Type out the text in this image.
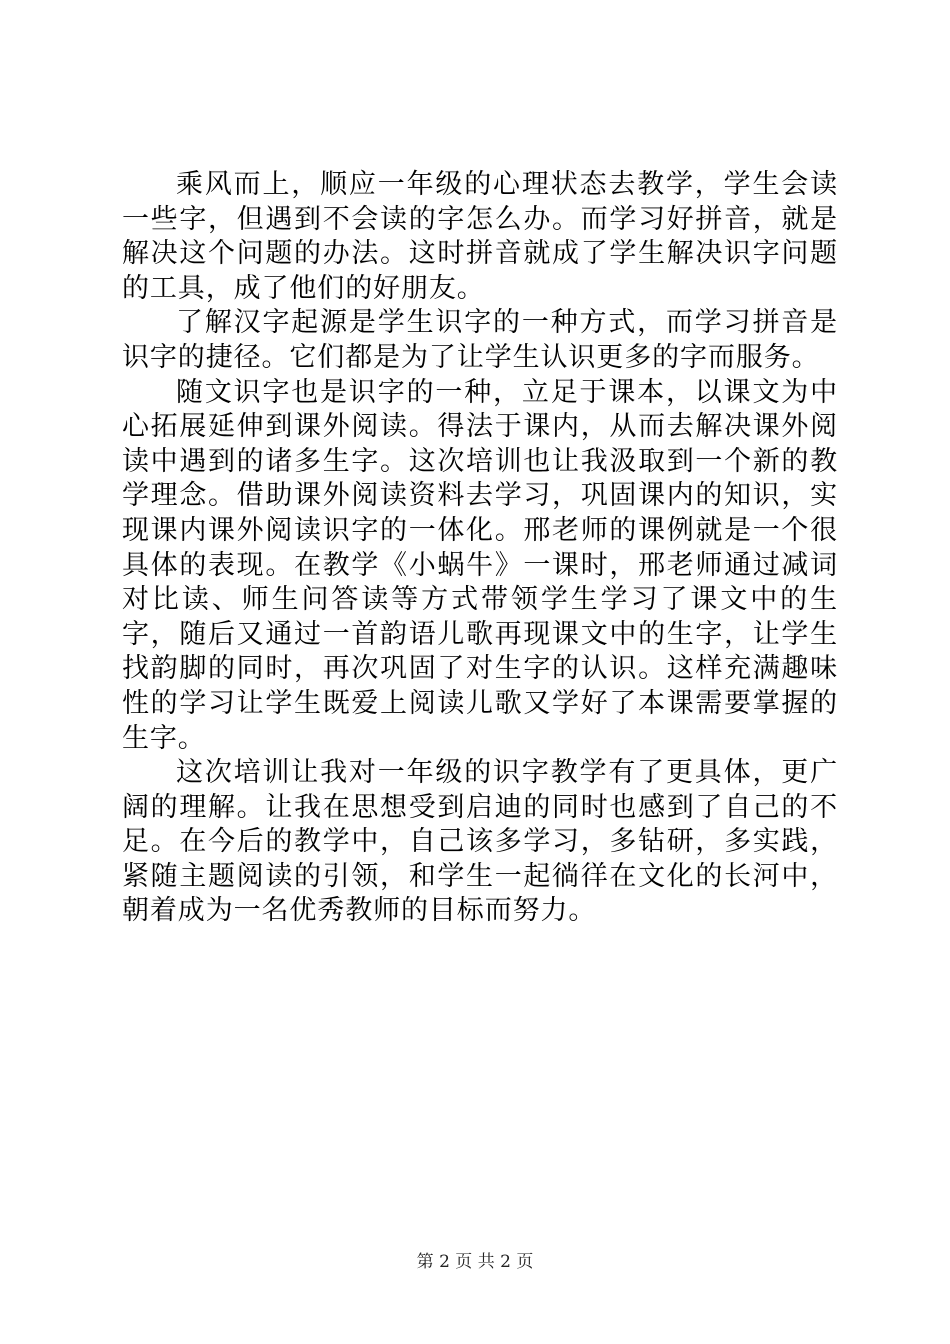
乘风而上，顺应一年级的心理状态去教学，学生会读一些字，但遇到不会读的字怎么办。而学习好拼音，就是解决这个问题的办法。这时拼音就成了学生解决识字问题的工具，成了他们的好朋友。

了解汉字起源是学生识字的一种方式，而学习拼音是识字的捷径。它们都是为了让学生认识更多的字而服务。

随文识字也是识字的一种，立足于课本，以课文为中心拓展延伸到课外阅读。得法于课内，从而去解决课外阅读中遇到的诸多生字。这次培训也让我汲取到一个新的教学理念。借助课外阅读资料去学习，巩固课内的知识，实现课内课外阅读识字的一体化。邢老师的课例就是一个很具体的表现。在教学《小蜗牛》一课时，邢老师通过减词对比读、师生问答读等方式带领学生学习了课文中的生字，随后又通过一首韵语儿歌再现课文中的生字，让学生找韵脚的同时，再次巩固了对生字的认识。这样充满趣味性的学习让学生既爱上阅读儿歌又学好了本课需要掌握的生字。

这次培训让我对一年级的识字教学有了更具体，更广阔的理解。让我在思想受到启迪的同时也感到了自己的不足。在今后的教学中，自己该多学习，多钻研，多实践，紧随主题阅读的引领，和学生一起徜徉在文化的长河中，朝着成为一名优秀教师的目标而努力。

第 2 页 共 2 页
